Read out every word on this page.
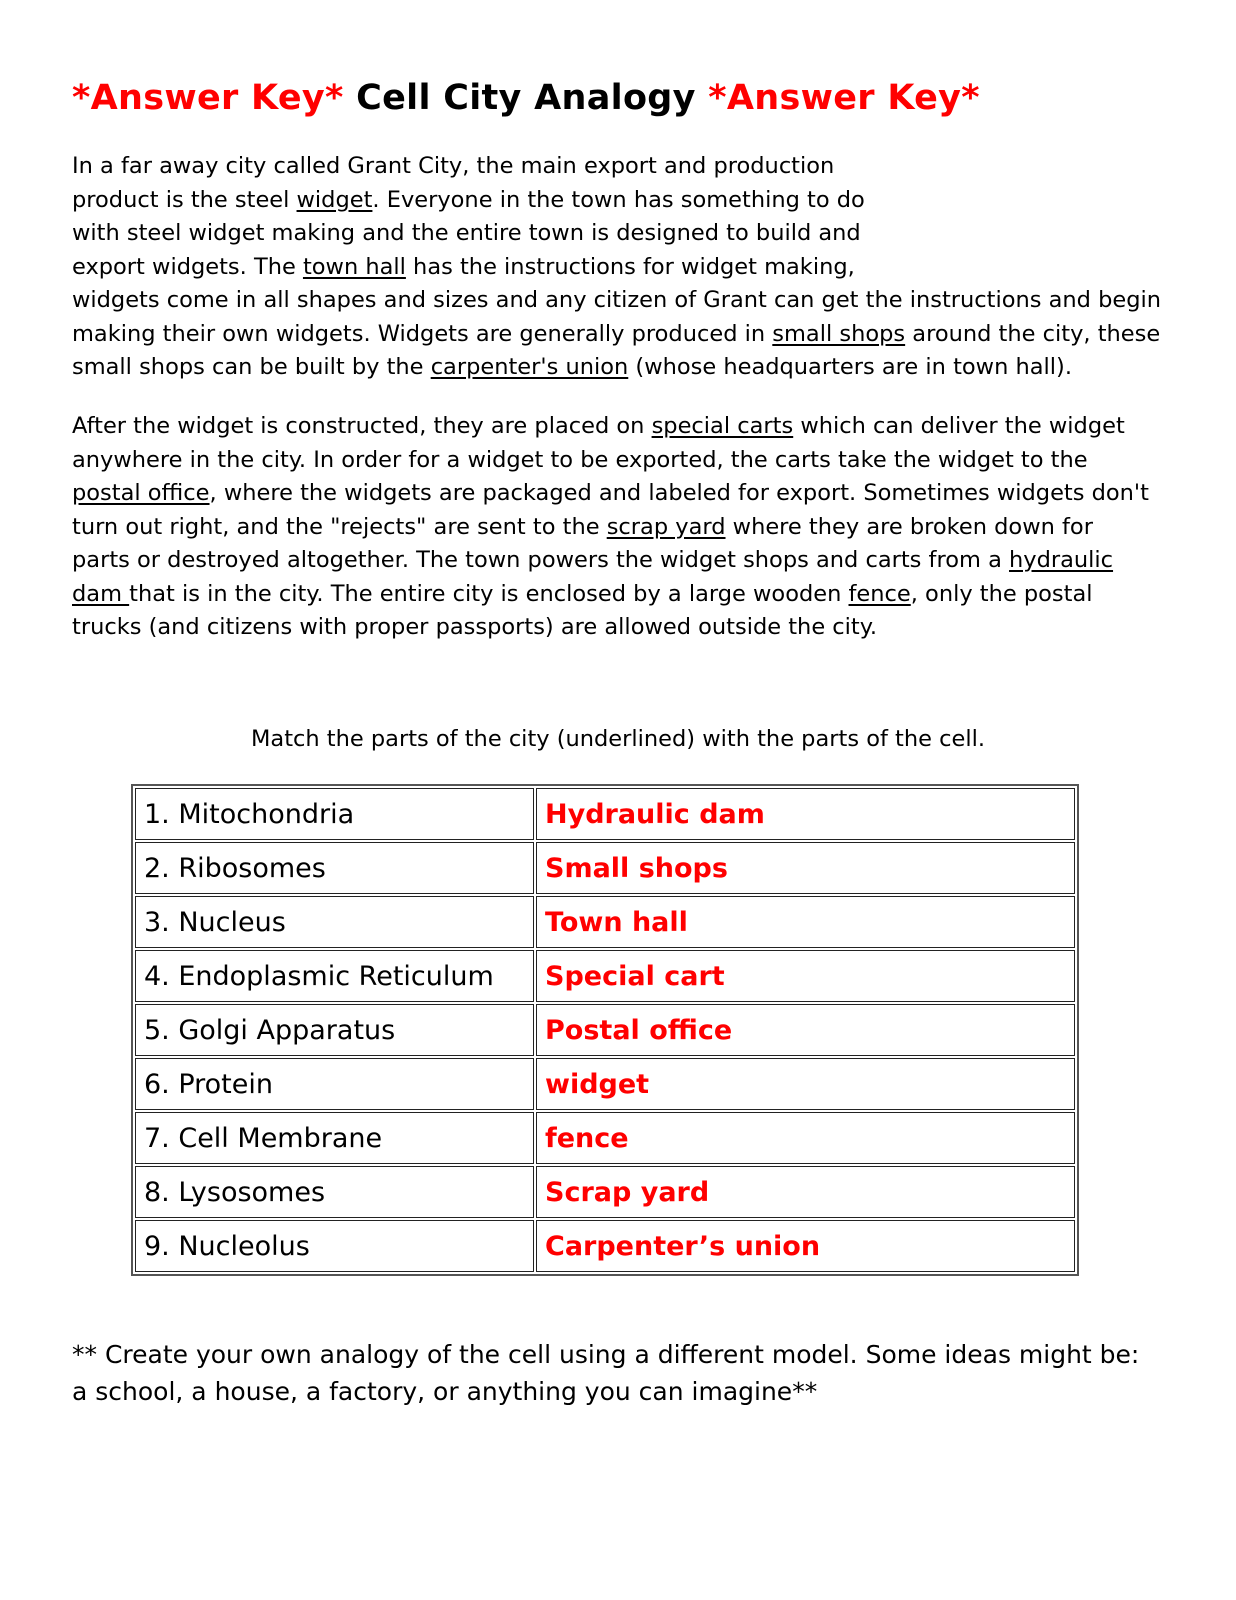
*Answer Key* Cell City Analogy *Answer Key*
In a far away city called Grant City, the main export and production
product is the steel widget. Everyone in the town has something to do
with steel widget making and the entire town is designed to build and
export widgets. The town hall has the instructions for widget making,
widgets come in all shapes and sizes and any citizen of Grant can get the instructions and begin
making their own widgets. Widgets are generally produced in small shops around the city, these
small shops can be built by the carpenter's union (whose headquarters are in town hall).
After the widget is constructed, they are placed on special carts which can deliver the widget
anywhere in the city. In order for a widget to be exported, the carts take the widget to the
postal office, where the widgets are packaged and labeled for export. Sometimes widgets don't
turn out right, and the "rejects" are sent to the scrap yard where they are broken down for
parts or destroyed altogether. The town powers the widget shops and carts from a hydraulic
dam that is in the city. The entire city is enclosed by a large wooden fence, only the postal
trucks (and citizens with proper passports) are allowed outside the city.
Match the parts of the city (underlined) with the parts of the cell.
1. Mitochondria	Hydraulic dam
2. Ribosomes	Small shops
3. Nucleus	Town hall
4. Endoplasmic Reticulum	Special cart
5. Golgi Apparatus	Postal office
6. Protein	widget
7. Cell Membrane	fence
8. Lysosomes	Scrap yard
9. Nucleolus	Carpenter’s union
** Create your own analogy of the cell using a different model. Some ideas might be:
a school, a house, a factory, or anything you can imagine**
